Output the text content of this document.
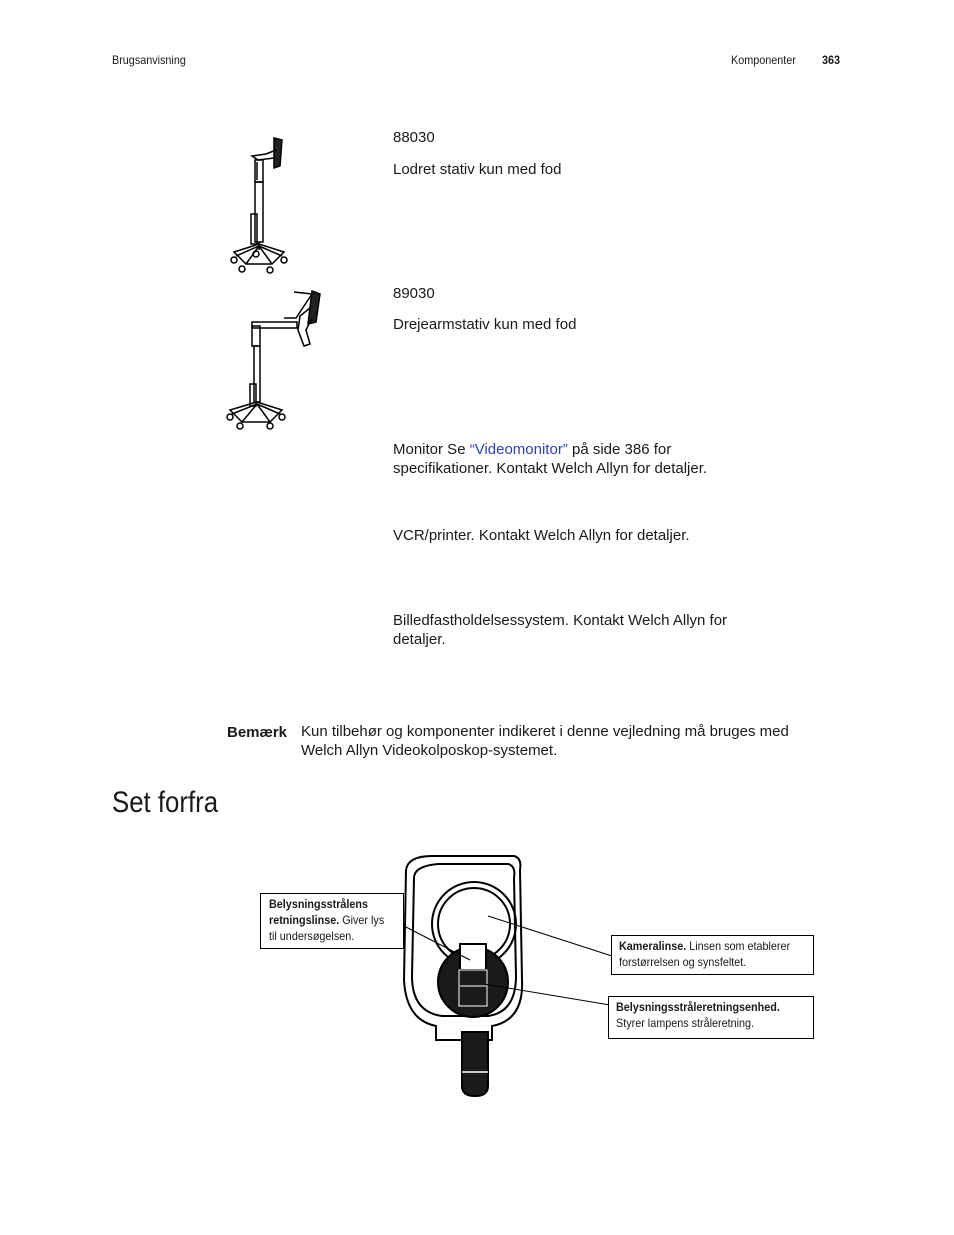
Brugsanvisning	Komponenter 363
88030
Lodret stativ kun med fod
89030
Drejearmstativ kun med fod
Monitor Se “Videomonitor” på side 386 for specifikationer. Kontakt Welch Allyn for detaljer.
VCR/printer. Kontakt Welch Allyn for detaljer.
Billedfastholdelsessystem. Kontakt Welch Allyn for detaljer.
Bemærk Kun tilbehør og komponenter indikeret i denne vejledning må bruges med Welch Allyn Videokolposkop-systemet.
Set forfra
Belysningsstrålens retningslinse. Giver lys til undersøgelsen.
Kameralinse. Linsen som etablerer forstørrelsen og synsfeltet.
Belysningsstråleretningsenhed.
Styrer lampens stråleretning.
